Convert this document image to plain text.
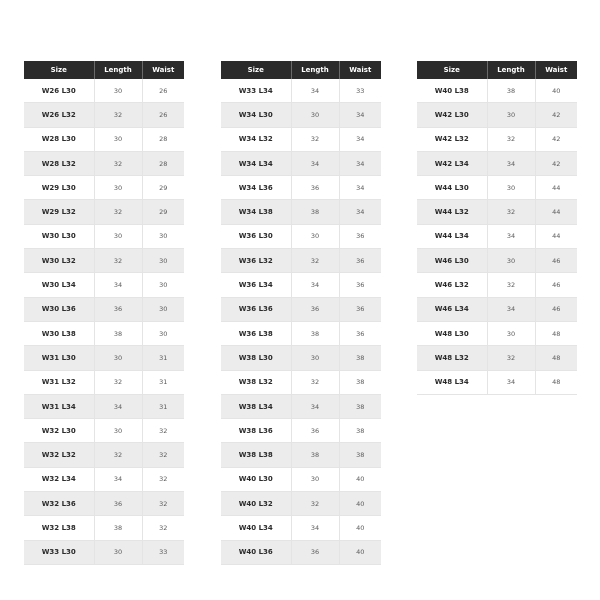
Size	Length	Waist
W26 L30	30	26
W26 L32	32	26
W28 L30	30	28
W28 L32	32	28
W29 L30	30	29
W29 L32	32	29
W30 L30	30	30
W30 L32	32	30
W30 L34	34	30
W30 L36	36	30
W30 L38	38	30
W31 L30	30	31
W31 L32	32	31
W31 L34	34	31
W32 L30	30	32
W32 L32	32	32
W32 L34	34	32
W32 L36	36	32
W32 L38	38	32
W33 L30	30	33
Size	Length	Waist
W33 L34	34	33
W34 L30	30	34
W34 L32	32	34
W34 L34	34	34
W34 L36	36	34
W34 L38	38	34
W36 L30	30	36
W36 L32	32	36
W36 L34	34	36
W36 L36	36	36
W36 L38	38	36
W38 L30	30	38
W38 L32	32	38
W38 L34	34	38
W38 L36	36	38
W38 L38	38	38
W40 L30	30	40
W40 L32	32	40
W40 L34	34	40
W40 L36	36	40
Size	Length	Waist
W40 L38	38	40
W42 L30	30	42
W42 L32	32	42
W42 L34	34	42
W44 L30	30	44
W44 L32	32	44
W44 L34	34	44
W46 L30	30	46
W46 L32	32	46
W46 L34	34	46
W48 L30	30	48
W48 L32	32	48
W48 L34	34	48
